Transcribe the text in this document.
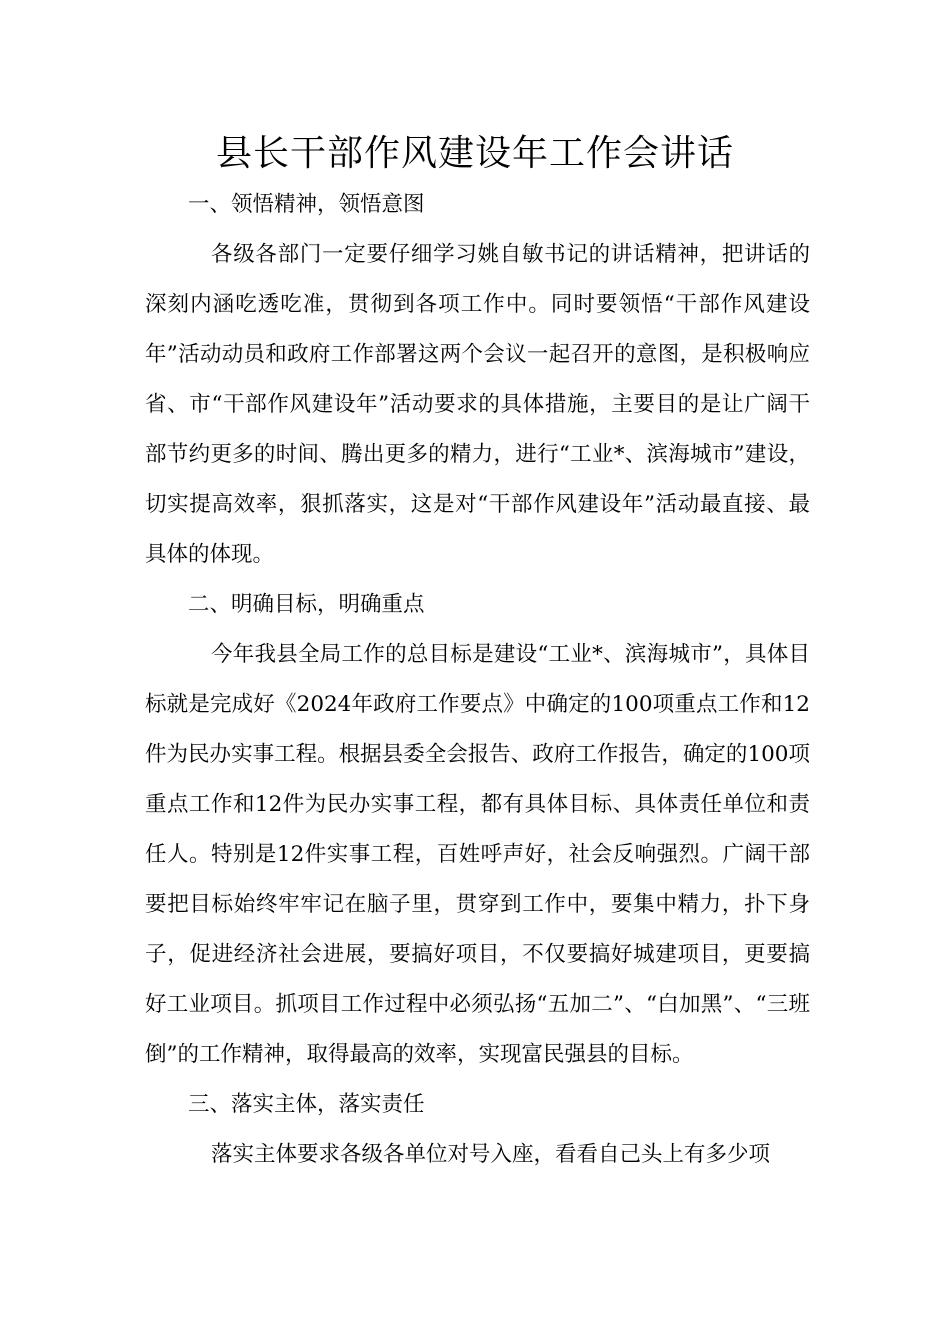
县长干部作风建设年工作会讲话
一、领悟精神，领悟意图

各级各部门一定要仔细学习姚自敏书记的讲话精神，把讲话的深刻内涵吃透吃准，贯彻到各项工作中。同时要领悟“干部作风建设年”活动动员和政府工作部署这两个会议一起召开的意图，是积极响应省、市“干部作风建设年”活动要求的具体措施，主要目的是让广阔干部节约更多的时间、腾出更多的精力，进行“工业*、滨海城市”建设，切实提高效率，狠抓落实，这是对“干部作风建设年”活动最直接、最具体的体现。

二、明确目标，明确重点

今年我县全局工作的总目标是建设“工业*、滨海城市”，具体目标就是完成好《2024年政府工作要点》中确定的100项重点工作和12件为民办实事工程。根据县委全会报告、政府工作报告，确定的100项重点工作和12件为民办实事工程，都有具体目标、具体责任单位和责任人。特别是12件实事工程，百姓呼声好，社会反响强烈。广阔干部要把目标始终牢牢记在脑子里，贯穿到工作中，要集中精力，扑下身子，促进经济社会进展，要搞好项目，不仅要搞好城建项目，更要搞好工业项目。抓项目工作过程中必须弘扬“五加二”、“白加黑”、“三班倒”的工作精神，取得最高的效率，实现富民强县的目标。

三、落实主体，落实责任

落实主体要求各级各单位对号入座，看看自己头上有多少项
